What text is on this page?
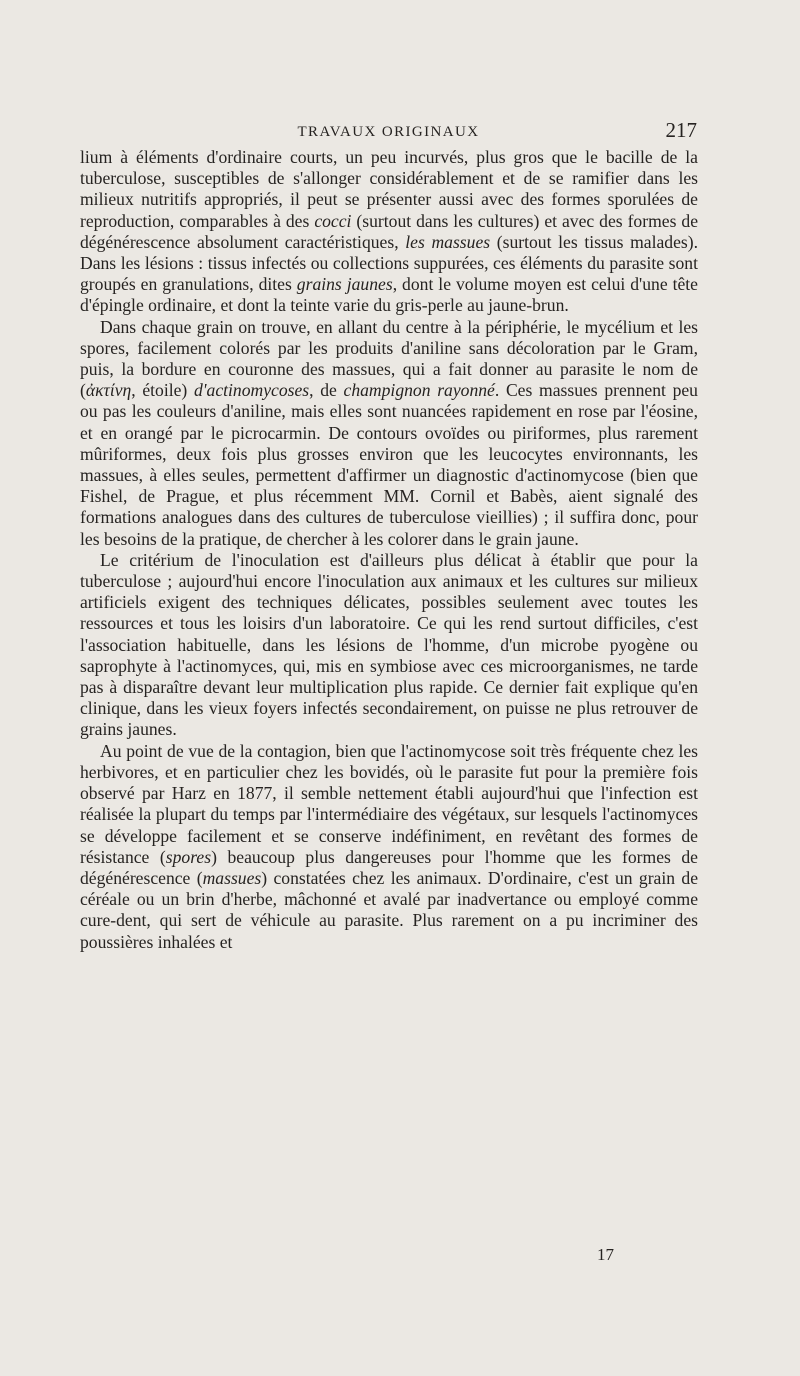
TRAVAUX ORIGINAUX	217

lium à éléments d'ordinaire courts, un peu incurvés, plus gros que le bacille de la tuberculose, susceptibles de s'allonger considérablement et de se ramifier dans les milieux nutritifs appropriés, il peut se présenter aussi avec des formes sporulées de reproduction, comparables à des cocci (surtout dans les cultures) et avec des formes de dégénérescence absolument caractéristiques, les massues (surtout les tissus malades). Dans les lésions : tissus infectés ou collections suppurées, ces éléments du parasite sont groupés en granulations, dites grains jaunes, dont le volume moyen est celui d'une tête d'épingle ordinaire, et dont la teinte varie du gris-perle au jaune-brun.

Dans chaque grain on trouve, en allant du centre à la périphérie, le mycélium et les spores, facilement colorés par les produits d'aniline sans décoloration par le Gram, puis, la bordure en couronne des massues, qui a fait donner au parasite le nom de (ἀκτίνη, étoile) d'actinomycoses, de champignon rayonné. Ces massues prennent peu ou pas les couleurs d'aniline, mais elles sont nuancées rapidement en rose par l'éosine, et en orangé par le picrocarmin. De contours ovoïdes ou piriformes, plus rarement mûriformes, deux fois plus grosses environ que les leucocytes environnants, les massues, à elles seules, permettent d'affirmer un diagnostic d'actinomycose (bien que Fishel, de Prague, et plus récemment MM. Cornil et Babès, aient signalé des formations analogues dans des cultures de tuberculose vieillies) ; il suffira donc, pour les besoins de la pratique, de chercher à les colorer dans le grain jaune.

Le critérium de l'inoculation est d'ailleurs plus délicat à établir que pour la tuberculose ; aujourd'hui encore l'inoculation aux animaux et les cultures sur milieux artificiels exigent des techniques délicates, possibles seulement avec toutes les ressources et tous les loisirs d'un laboratoire. Ce qui les rend surtout difficiles, c'est l'association habituelle, dans les lésions de l'homme, d'un microbe pyogène ou saprophyte à l'actinomyces, qui, mis en symbiose avec ces microorganismes, ne tarde pas à disparaître devant leur multiplication plus rapide. Ce dernier fait explique qu'en clinique, dans les vieux foyers infectés secondairement, on puisse ne plus retrouver de grains jaunes.

Au point de vue de la contagion, bien que l'actinomycose soit très fréquente chez les herbivores, et en particulier chez les bovidés, où le parasite fut pour la première fois observé par Harz en 1877, il semble nettement établi aujourd'hui que l'infection est réalisée la plupart du temps par l'intermédiaire des végétaux, sur lesquels l'actinomyces se développe facilement et se conserve indéfiniment, en revêtant des formes de résistance (spores) beaucoup plus dangereuses pour l'homme que les formes de dégénérescence (massues) constatées chez les animaux. D'ordinaire, c'est un grain de céréale ou un brin d'herbe, mâchonné et avalé par inadvertance ou employé comme cure-dent, qui sert de véhicule au parasite. Plus rarement on a pu incriminer des poussières inhalées et

17
